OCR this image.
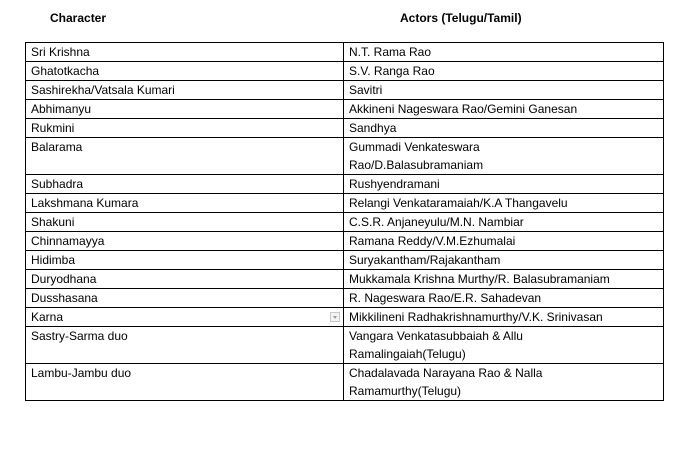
Character	Actors (Telugu/Tamil)
Sri Krishna	N.T. Rama Rao
Ghatotkacha	S.V. Ranga Rao
Sashirekha/Vatsala Kumari	Savitri
Abhimanyu	Akkineni Nageswara Rao/Gemini Ganesan
Rukmini	Sandhya
Balarama	Gummadi Venkateswara
Rao/D.Balasubramaniam

Subhadra	Rushyendramani
Lakshmana Kumara	Relangi Venkataramaiah/K.A Thangavelu
Shakuni	C.S.R. Anjaneyulu/M.N. Nambiar
Chinnamayya	Ramana Reddy/V.M.Ezhumalai
Hidimba	Suryakantham/Rajakantham
Duryodhana	Mukkamala Krishna Murthy/R. Balasubramaniam
Dusshasana	R. Nageswara Rao/E.R. Sahadevan
Karna	Mikkilineni Radhakrishnamurthy/V.K. Srinivasan
Sastry-Sarma duo	Vangara Venkatasubbaiah & Allu
Ramalingaiah(Telugu)

Lambu-Jambu duo	Chadalavada Narayana Rao & Nalla
Ramamurthy(Telugu)
